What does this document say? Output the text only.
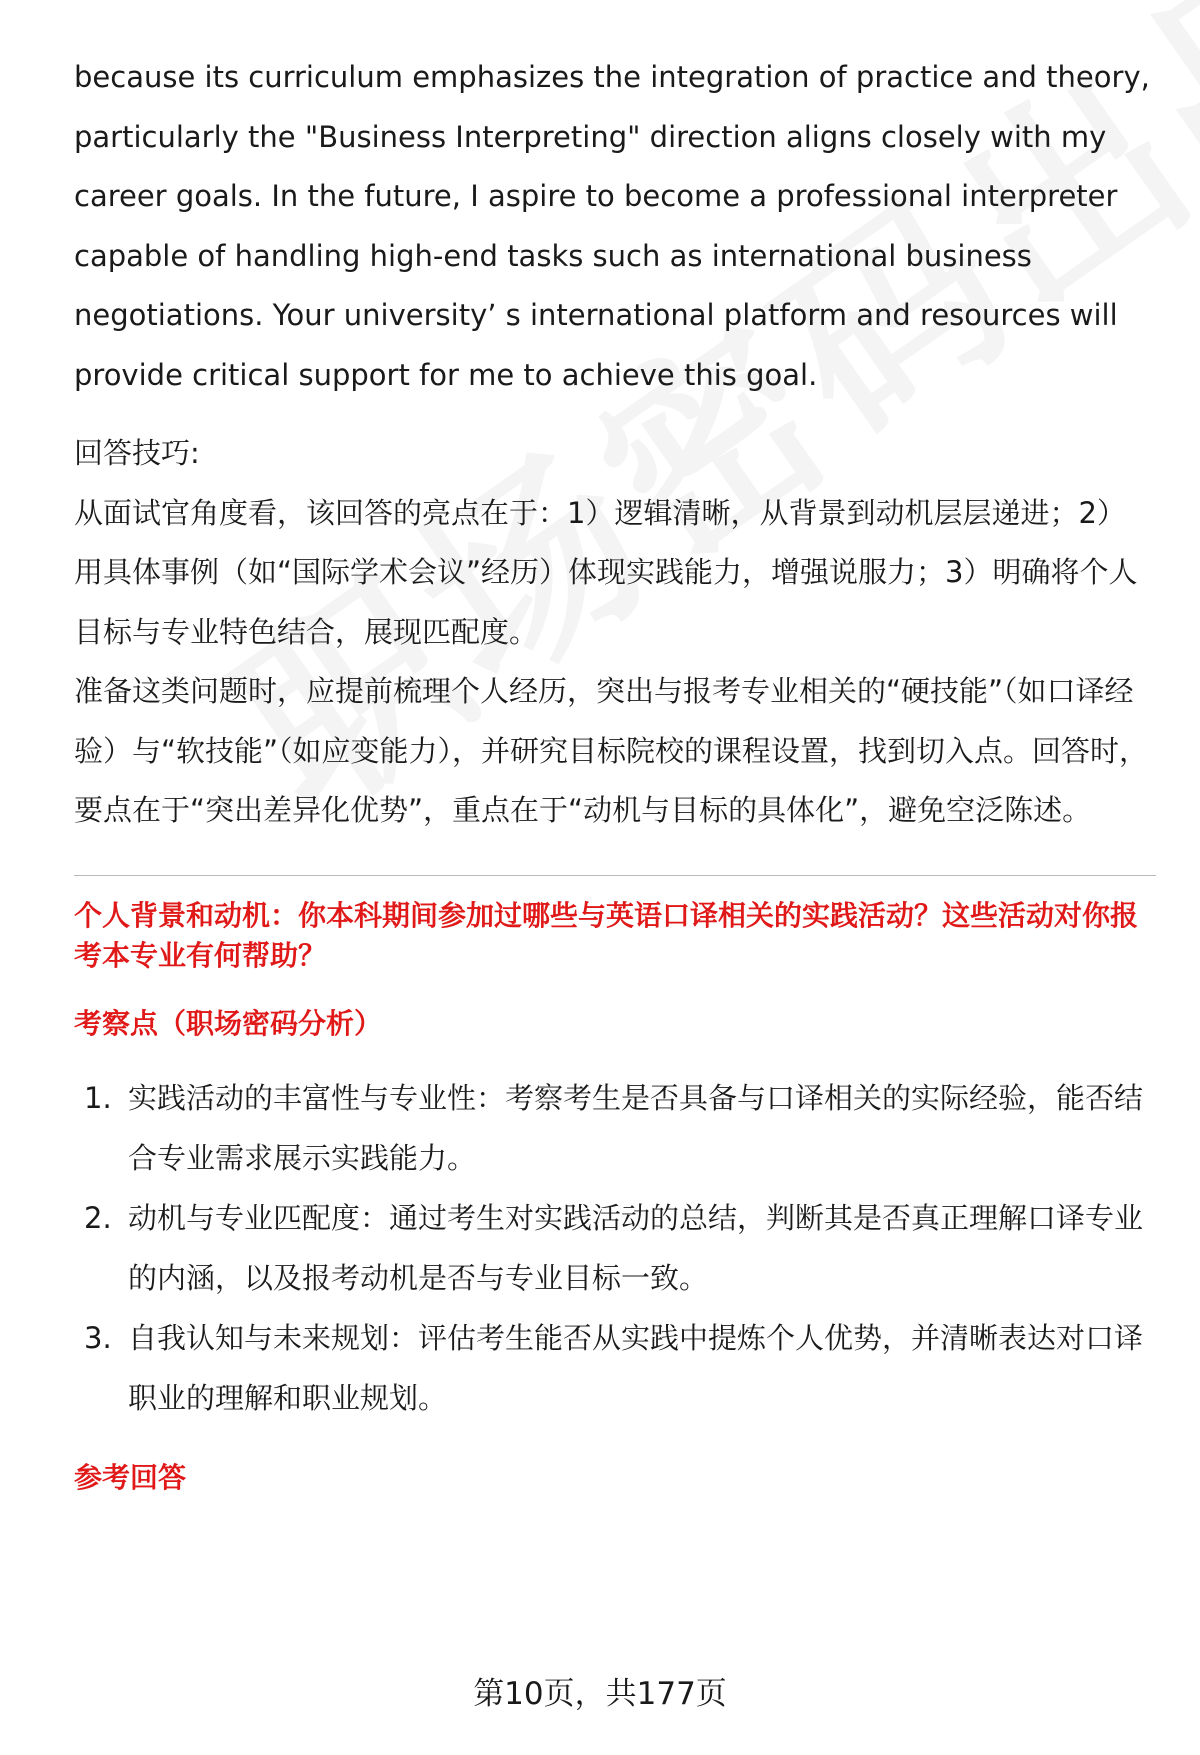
because its curriculum emphasizes the integration of practice and theory, particularly the "Business Interpreting" direction aligns closely with my career goals. In the future, I aspire to become a professional interpreter capable of handling high-end tasks such as international business negotiations. Your university’ s international platform and resources will provide critical support for me to achieve this goal.

回答技巧:

从面试官角度看，该回答的亮点在于：1）逻辑清晰，从背景到动机层层递进；2）用具体事例（如“国际学术会议”经历）体现实践能力，增强说服力；3）明确将个人目标与专业特色结合，展现匹配度。

准备这类问题时，应提前梳理个人经历，突出与报考专业相关的“硬技能”（如口译经验）与“软技能”（如应变能力），并研究目标院校的课程设置，找到切入点。回答时，要点在于“突出差异化优势”，重点在于“动机与目标的具体化”，避免空泛陈述。

个人背景和动机：你本科期间参加过哪些与英语口译相关的实践活动？这些活动对你报考本专业有何帮助？

考察点（职场密码分析）

1. 实践活动的丰富性与专业性：考察考生是否具备与口译相关的实际经验，能否结合专业需求展示实践能力。
2. 动机与专业匹配度：通过考生对实践活动的总结，判断其是否真正理解口译专业的内涵，以及报考动机是否与专业目标一致。
3. 自我认知与未来规划：评估考生能否从实践中提炼个人优势，并清晰表达对口译职业的理解和职业规划。

参考回答

第10页，共177页
